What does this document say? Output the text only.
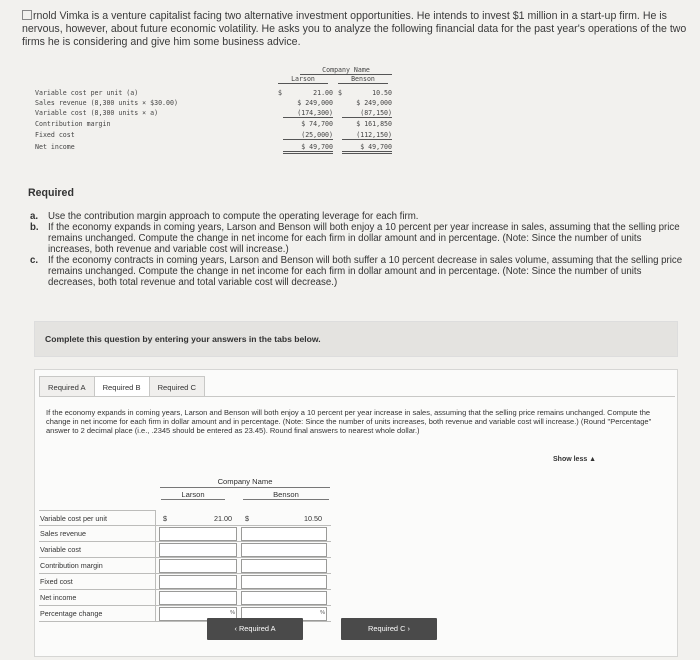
rnold Vimka is a venture capitalist facing two alternative investment opportunities. He intends to invest $1 million in a start-up firm. He is nervous, however, about future economic volatility. He asks you to analyze the following financial data for the past year's operations of the two firms he is considering and give him some business advice.
Company Name
Larson	Benson
Variable cost per unit (a)	$	21.00 $	10.50
Sales revenue (8,300 units × $30.00)	$ 249,000	$ 249,000
Variable cost (8,300 units × a)	(174,300)	(87,150)
Contribution margin	$ 74,700	$ 161,850
Fixed cost	(25,000)	(112,150)
Net income	$ 49,700	$ 49,700
Required
a. Use the contribution margin approach to compute the operating leverage for each firm.
b. If the economy expands in coming years, Larson and Benson will both enjoy a 10 percent per year increase in sales, assuming that the selling price remains unchanged. Compute the change in net income for each firm in dollar amount and in percentage. (Note: Since the number of units increases, both revenue and variable cost will increase.)
c. If the economy contracts in coming years, Larson and Benson will both suffer a 10 percent decrease in sales volume, assuming that the selling price remains unchanged. Compute the change in net income for each firm in dollar amount and in percentage. (Note: Since the number of units decreases, both total revenue and total variable cost will decrease.)
Complete this question by entering your answers in the tabs below.
Required A	Required B	Required C
If the economy expands in coming years, Larson and Benson will both enjoy a 10 percent per year increase in sales, assuming that the selling price remains unchanged. Compute the change in net income for each firm in dollar amount and in percentage. (Note: Since the number of units increases, both revenue and variable cost will increase.) (Round "Percentage" answer to 2 decimal place (i.e., .2345 should be entered as 23.45). Round final answers to nearest whole dollar.)
Show less ▲
Company Name
Larson	Benson
Variable cost per unit	$	21.00 $	10.50
Sales revenue
Variable cost
Contribution margin
Fixed cost
Net income
Percentage change	%	%
‹ Required A	Required C ›
